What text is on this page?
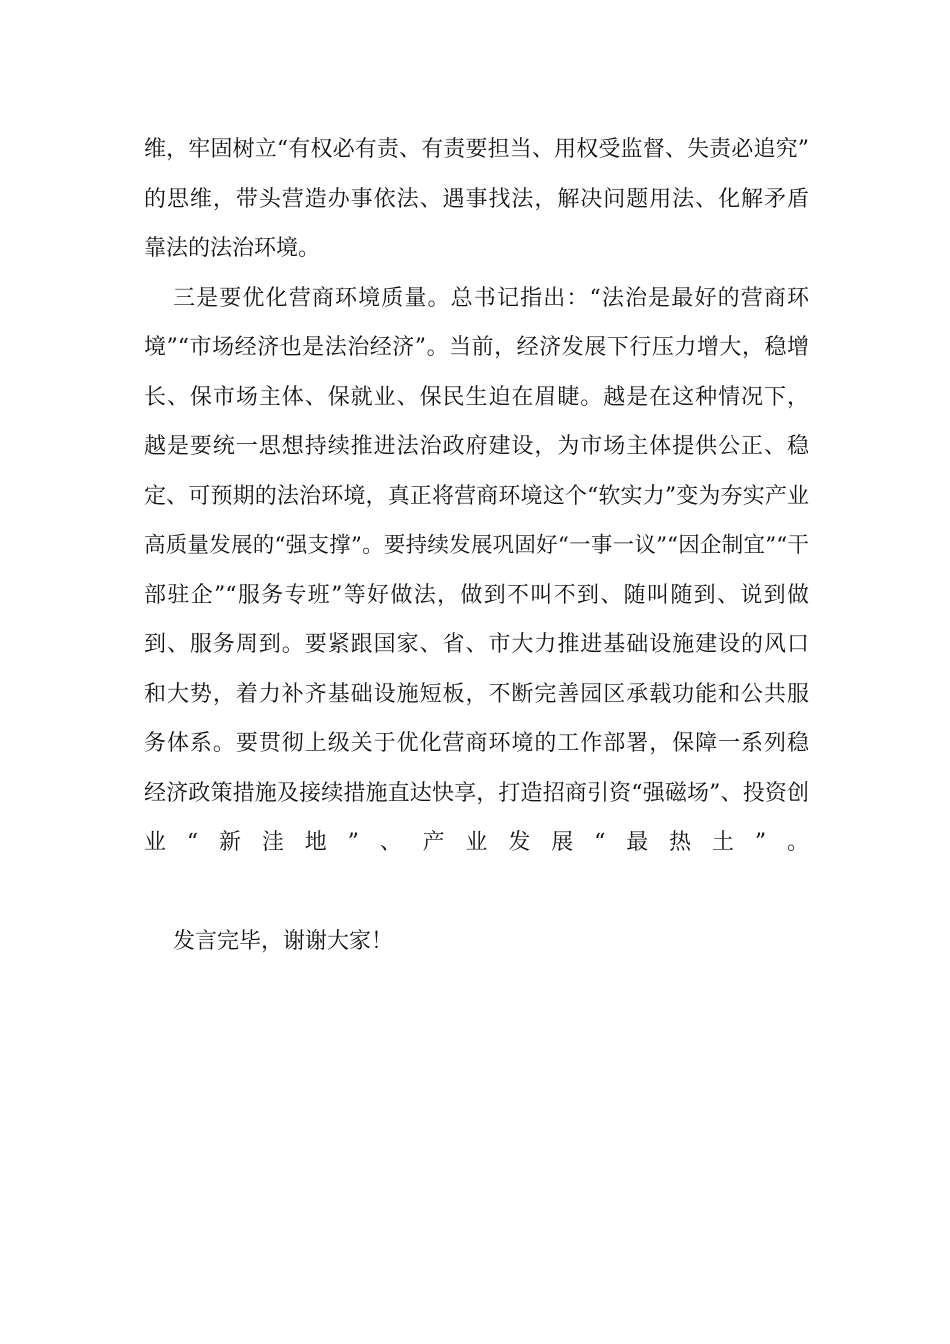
维，牢固树立“有权必有责、有责要担当、用权受监督、失责必追究”
的思维，带头营造办事依法、遇事找法，解决问题用法、化解矛盾
靠法的法治环境。
三是要优化营商环境质量。总书记指出：“法治是最好的营商环
境”“市场经济也是法治经济”。当前，经济发展下行压力增大，稳增
长、保市场主体、保就业、保民生迫在眉睫。越是在这种情况下，
越是要统一思想持续推进法治政府建设，为市场主体提供公正、稳
定、可预期的法治环境，真正将营商环境这个“软实力”变为夯实产业
高质量发展的“强支撑”。要持续发展巩固好“一事一议”“因企制宜”“干
部驻企”“服务专班”等好做法，做到不叫不到、随叫随到、说到做
到、服务周到。要紧跟国家、省、市大力推进基础设施建设的风口
和大势，着力补齐基础设施短板，不断完善园区承载功能和公共服
务体系。要贯彻上级关于优化营商环境的工作部署，保障一系列稳
经济政策措施及接续措施直达快享，打造招商引资“强磁场”、投资创
业“新洼地”、产业发展“最热土”。
发言完毕，谢谢大家！
